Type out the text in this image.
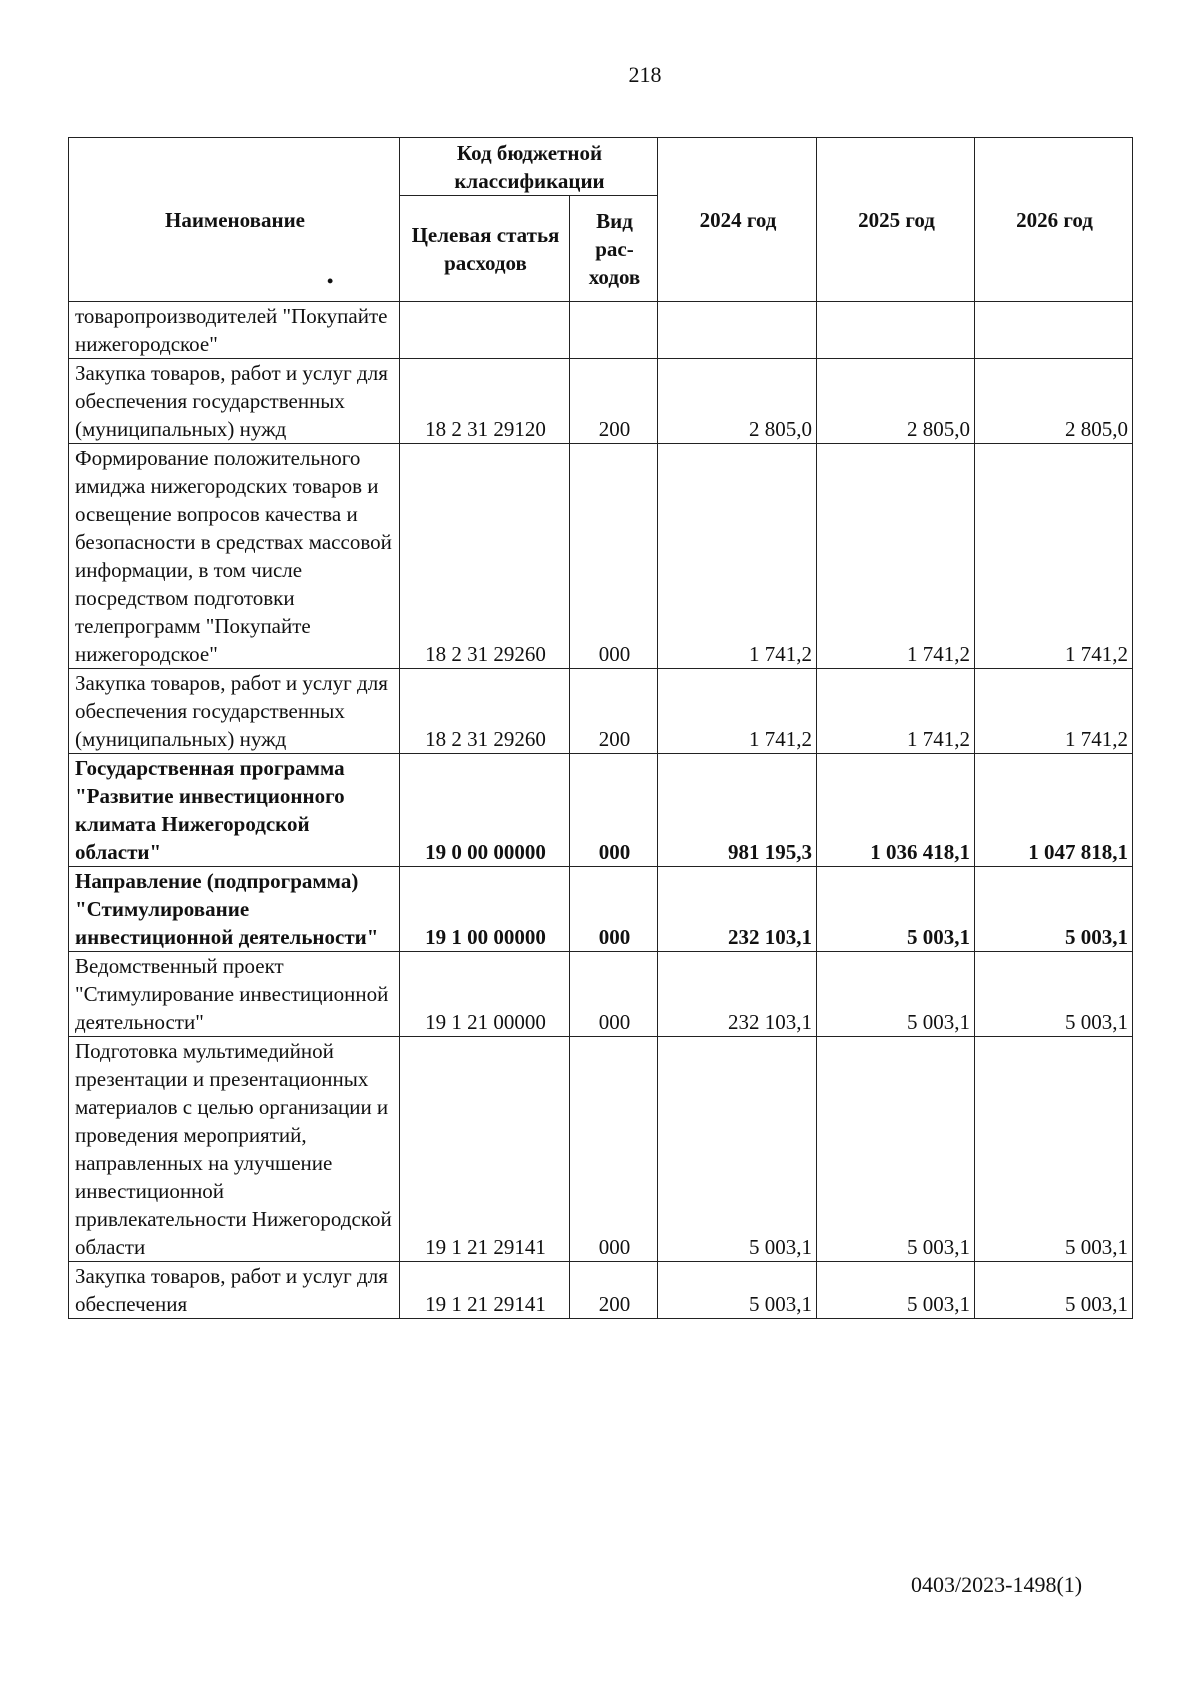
218
Наименование
•	Код бюджетной классификации		2024 год	2025 год	2026 год
	Целевая статья расходов	Вид рас-ходов			
товаропроизводителей "Покупайте нижегородское"					
Закупка товаров, работ и услуг для обеспечения государственных (муниципальных) нужд	18 2 31 29120	200	2 805,0	2 805,0	2 805,0
Формирование положительного имиджа нижегородских товаров и освещение вопросов качества и безопасности в средствах массовой информации, в том числе посредством подготовки телепрограмм "Покупайте нижегородское"	18 2 31 29260	000	1 741,2	1 741,2	1 741,2
Закупка товаров, работ и услуг для обеспечения государственных (муниципальных) нужд	18 2 31 29260	200	1 741,2	1 741,2	1 741,2
Государственная программа "Развитие инвестиционного климата Нижегородской области"	19 0 00 00000	000	981 195,3	1 036 418,1	1 047 818,1
Направление (подпрограмма) "Стимулирование инвестиционной деятельности"	19 1 00 00000	000	232 103,1	5 003,1	5 003,1
Ведомственный проект "Стимулирование инвестиционной деятельности"	19 1 21 00000	000	232 103,1	5 003,1	5 003,1
Подготовка мультимедийной презентации и презентационных материалов с целью организации и проведения мероприятий, направленных на улучшение инвестиционной привлекательности Нижегородской области	19 1 21 29141	000	5 003,1	5 003,1	5 003,1
Закупка товаров, работ и услуг для обеспечения	19 1 21 29141	200	5 003,1	5 003,1	5 003,1
0403/2023-1498(1)
